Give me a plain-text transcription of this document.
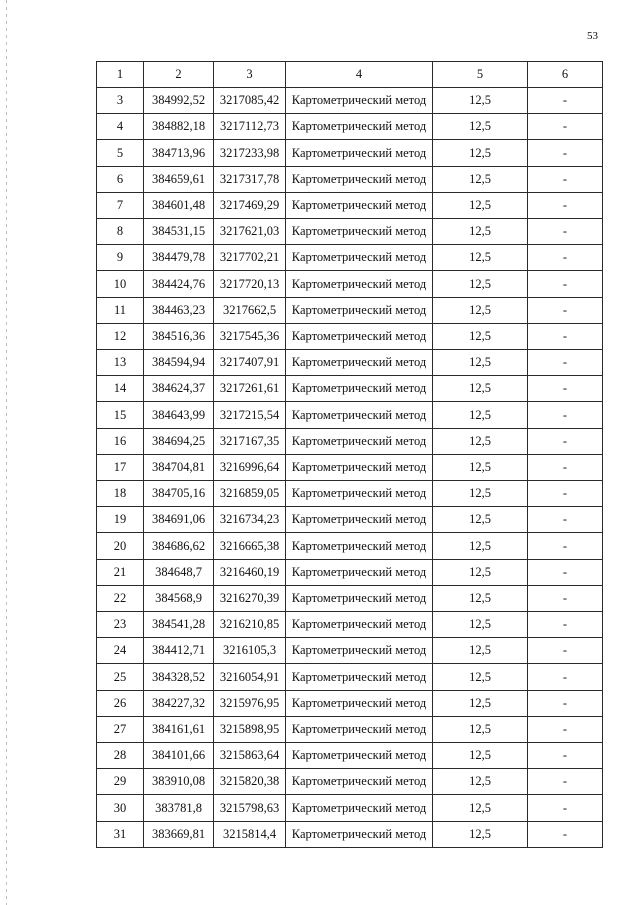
53
1	2	3	4	5	6
3	384992,52	3217085,42	Картометрический метод	12,5	-
4	384882,18	3217112,73	Картометрический метод	12,5	-
5	384713,96	3217233,98	Картометрический метод	12,5	-
6	384659,61	3217317,78	Картометрический метод	12,5	-
7	384601,48	3217469,29	Картометрический метод	12,5	-
8	384531,15	3217621,03	Картометрический метод	12,5	-
9	384479,78	3217702,21	Картометрический метод	12,5	-
10	384424,76	3217720,13	Картометрический метод	12,5	-
11	384463,23	3217662,5	Картометрический метод	12,5	-
12	384516,36	3217545,36	Картометрический метод	12,5	-
13	384594,94	3217407,91	Картометрический метод	12,5	-
14	384624,37	3217261,61	Картометрический метод	12,5	-
15	384643,99	3217215,54	Картометрический метод	12,5	-
16	384694,25	3217167,35	Картометрический метод	12,5	-
17	384704,81	3216996,64	Картометрический метод	12,5	-
18	384705,16	3216859,05	Картометрический метод	12,5	-
19	384691,06	3216734,23	Картометрический метод	12,5	-
20	384686,62	3216665,38	Картометрический метод	12,5	-
21	384648,7	3216460,19	Картометрический метод	12,5	-
22	384568,9	3216270,39	Картометрический метод	12,5	-
23	384541,28	3216210,85	Картометрический метод	12,5	-
24	384412,71	3216105,3	Картометрический метод	12,5	-
25	384328,52	3216054,91	Картометрический метод	12,5	-
26	384227,32	3215976,95	Картометрический метод	12,5	-
27	384161,61	3215898,95	Картометрический метод	12,5	-
28	384101,66	3215863,64	Картометрический метод	12,5	-
29	383910,08	3215820,38	Картометрический метод	12,5	-
30	383781,8	3215798,63	Картометрический метод	12,5	-
31	383669,81	3215814,4	Картометрический метод	12,5	-
